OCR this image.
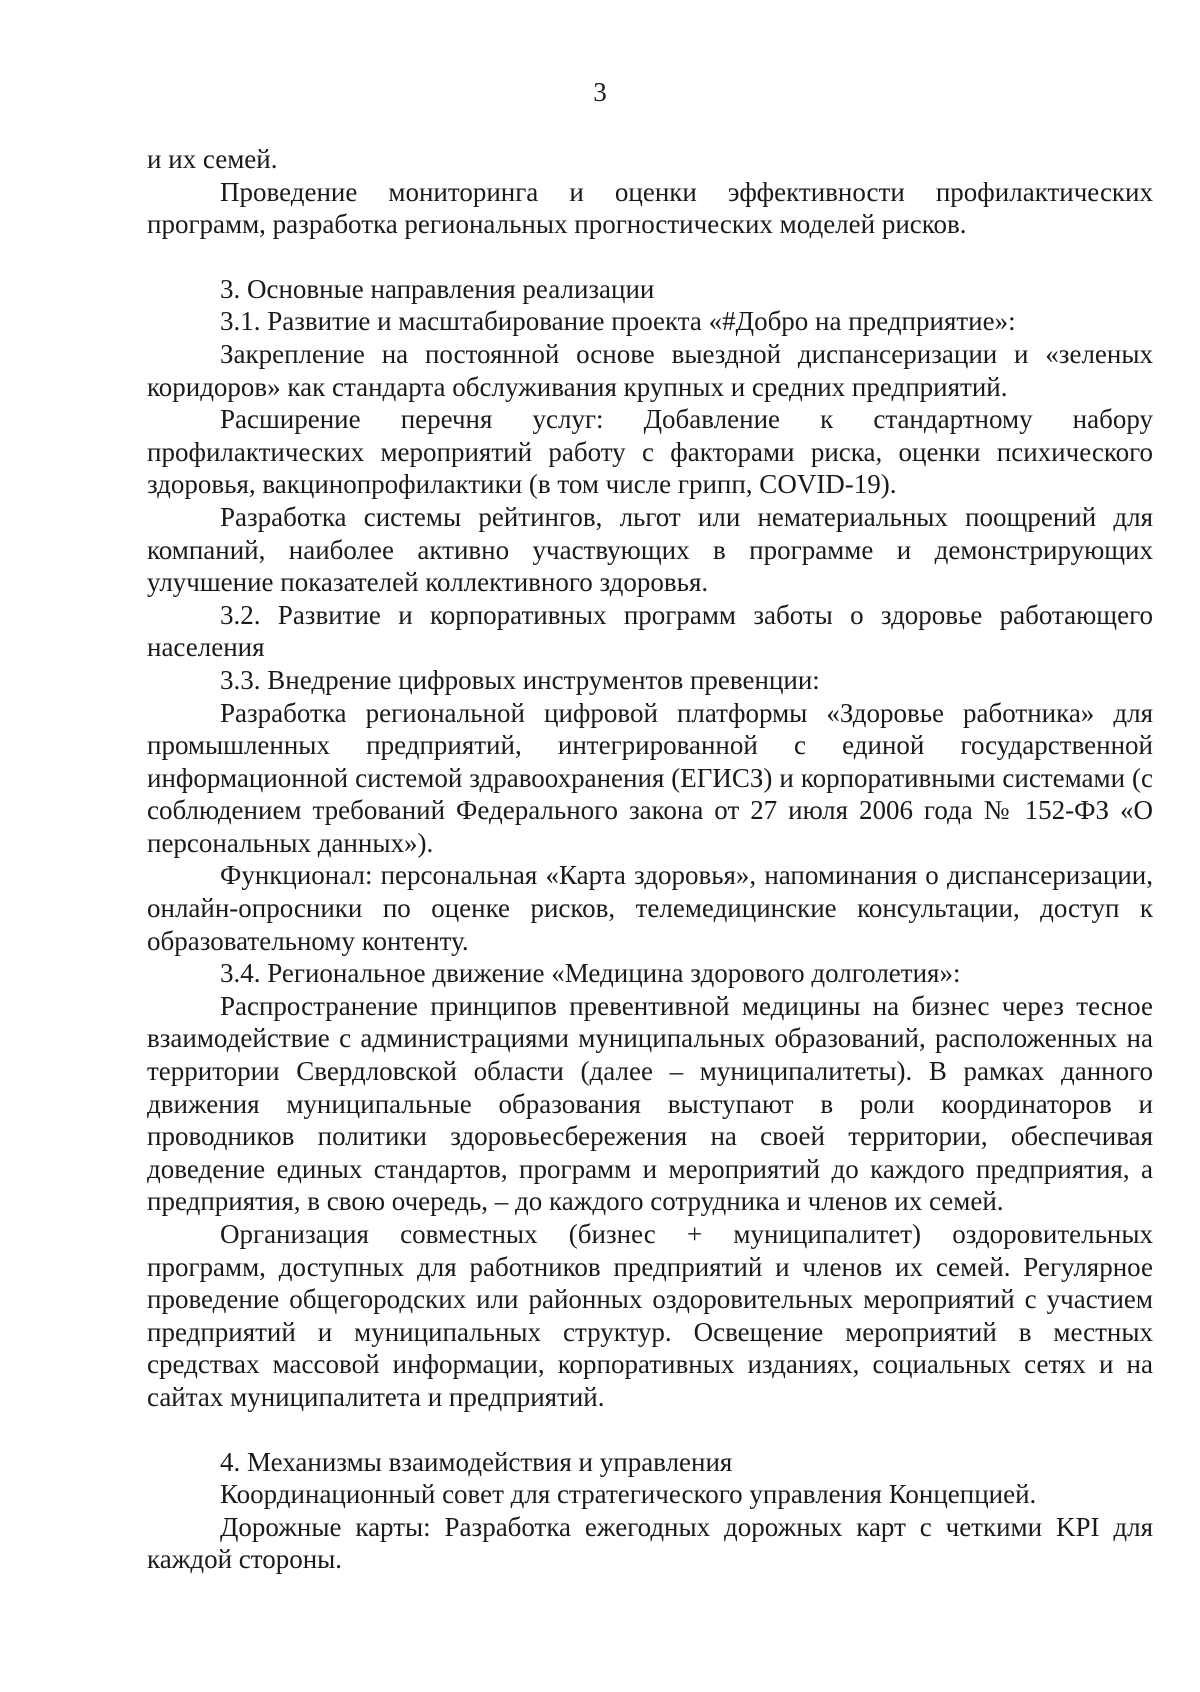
3

и их семей.

Проведение мониторинга и оценки эффективности профилактических программ, разработка региональных прогностических моделей рисков.

3. Основные направления реализации

3.1. Развитие и масштабирование проекта «#Добро на предприятие»:

Закрепление на постоянной основе выездной диспансеризации и «зеленых коридоров» как стандарта обслуживания крупных и средних предприятий.

Расширение перечня услуг: Добавление к стандартному набору профилактических мероприятий работу с факторами риска, оценки психического здоровья, вакцинопрофилактики (в том числе грипп, COVID-19).

Разработка системы рейтингов, льгот или нематериальных поощрений для компаний, наиболее активно участвующих в программе и демонстрирующих улучшение показателей коллективного здоровья.

3.2. Развитие и корпоративных программ заботы о здоровье работающего населения

3.3. Внедрение цифровых инструментов превенции:

Разработка региональной цифровой платформы «Здоровье работника» для промышленных предприятий, интегрированной с единой государственной информационной системой здравоохранения (ЕГИСЗ) и корпоративными системами (с соблюдением требований Федерального закона от 27 июля 2006 года № 152-ФЗ «О персональных данных»).

Функционал: персональная «Карта здоровья», напоминания о диспансеризации, онлайн-опросники по оценке рисков, телемедицинские консультации, доступ к образовательному контенту.

3.4. Региональное движение «Медицина здорового долголетия»:

Распространение принципов превентивной медицины на бизнес через тесное взаимодействие с администрациями муниципальных образований, расположенных на территории Свердловской области (далее – муниципалитеты). В рамках данного движения муниципальные образования выступают в роли координаторов и проводников политики здоровьесбережения на своей территории, обеспечивая доведение единых стандартов, программ и мероприятий до каждого предприятия, а предприятия, в свою очередь, – до каждого сотрудника и членов их семей.

Организация совместных (бизнес + муниципалитет) оздоровительных программ, доступных для работников предприятий и членов их семей. Регулярное проведение общегородских или районных оздоровительных мероприятий с участием предприятий и муниципальных структур. Освещение мероприятий в местных средствах массовой информации, корпоративных изданиях, социальных сетях и на сайтах муниципалитета и предприятий.

4. Механизмы взаимодействия и управления

Координационный совет для стратегического управления Концепцией.

Дорожные карты: Разработка ежегодных дорожных карт с четкими KPI для каждой стороны.
